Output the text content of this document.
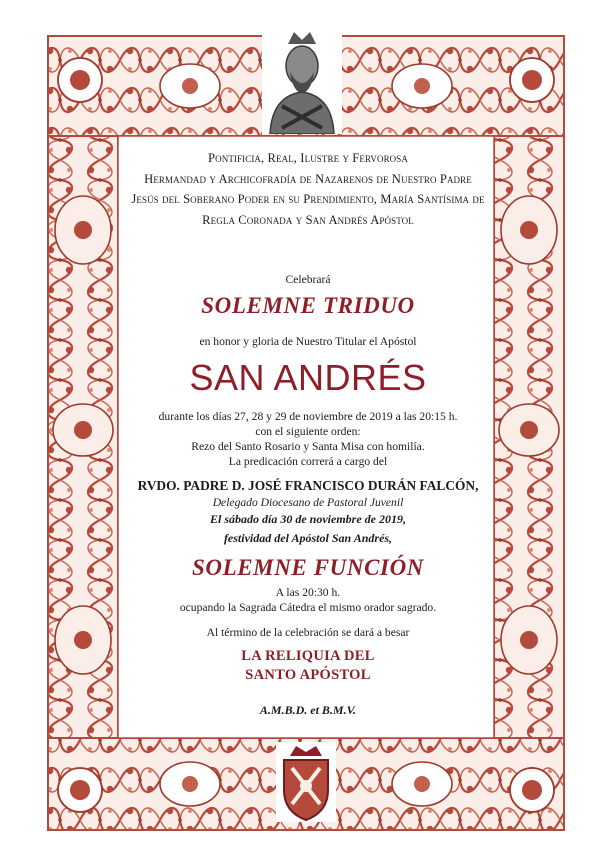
Pontificia, Real, Ilustre y Fervorosa
Hermandad y Archicofradía de Nazarenos de Nuestro Padre
Jesús del Soberano Poder en su Prendimiento, María Santísima de
Regla Coronada y San Andrés Apóstol
Celebrará
SOLEMNE TRIDUO
en honor y gloria de Nuestro Titular el Apóstol
SAN ANDRÉS
durante los días 27, 28 y 29 de noviembre de 2019 a las 20:15 h.
con el siguiente orden:
Rezo del Santo Rosario y Santa Misa con homilía.
La predicación correrá a cargo del
RVDO. PADRE D. JOSÉ FRANCISCO DURÁN FALCÓN,
Delegado Diocesano de Pastoral Juvenil
El sábado día 30 de noviembre de 2019,
festividad del Apóstol San Andrés,
SOLEMNE FUNCIÓN
A las 20:30 h.
ocupando la Sagrada Cátedra el mismo orador sagrado.
Al término de la celebración se dará a besar
LA RELIQUIA DEL
SANTO APÓSTOL
A.M.B.D. et B.M.V.
